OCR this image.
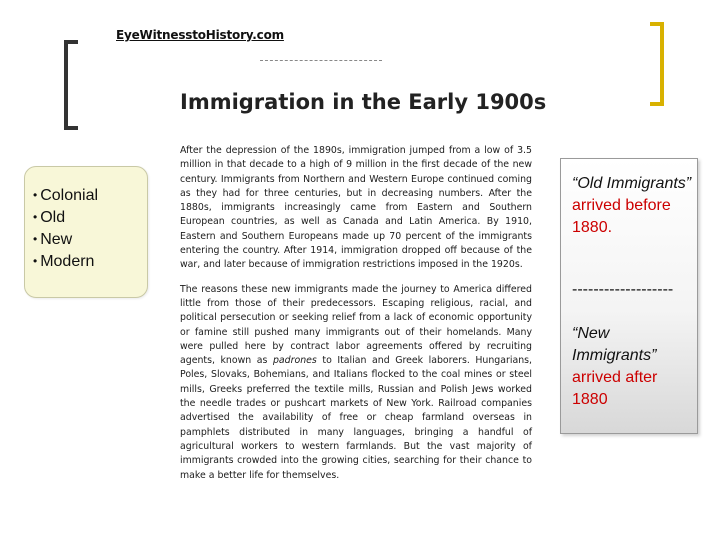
EyeWitnesstoHistory.com
Immigration in the Early 1900s

After the depression of the 1890s, immigration jumped from a low of 3.5 million in that decade to a high of 9 million in the first decade of the new century. Immigrants from Northern and Western Europe continued coming as they had for three centuries, but in decreasing numbers. After the 1880s, immigrants increasingly came from Eastern and Southern European countries, as well as Canada and Latin America. By 1910, Eastern and Southern Europeans made up 70 percent of the immigrants entering the country. After 1914, immigration dropped off because of the war, and later because of immigration restrictions imposed in the 1920s.

The reasons these new immigrants made the journey to America differed little from those of their predecessors. Escaping religious, racial, and political persecution or seeking relief from a lack of economic opportunity or famine still pushed many immigrants out of their homelands. Many were pulled here by contract labor agreements offered by recruiting agents, known as padrones to Italian and Greek laborers. Hungarians, Poles, Slovaks, Bohemians, and Italians flocked to the coal mines or steel mills, Greeks preferred the textile mills, Russian and Polish Jews worked the needle trades or pushcart markets of New York. Railroad companies advertised the availability of free or cheap farmland overseas in pamphlets distributed in many languages, bringing a handful of agricultural workers to western farmlands. But the vast majority of immigrants crowded into the growing cities, searching for their chance to make a better life for themselves.

• Colonial
• Old
• New
• Modern
“Old Immigrants”
arrived before 1880.
-------------------
“New Immigrants”
arrived after 1880
